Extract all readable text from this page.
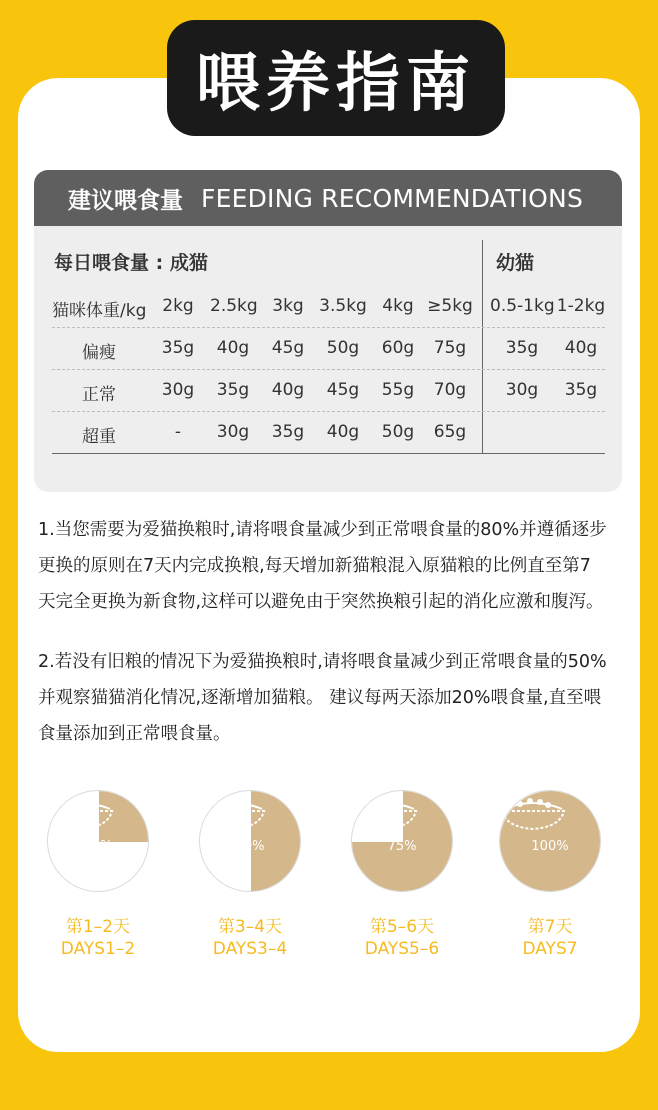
喂养指南
建议喂食量 FEEDING RECOMMENDATIONS
每日喂食量 : 成猫	幼猫
猫咪体重/kg 2kg 2.5kg 3kg 3.5kg 4kg ≥5kg 0.5-1kg 1-2kg
偏瘦	35g	40g	45g	50g	60g	75g	35g	40g
正常	30g	35g	40g	45g	55g	70g	30g	35g
超重	-	30g	35g	40g	50g	65g
1.当您需要为爱猫换粮时,请将喂食量减少到正常喂食量的80%并遵循逐步
更换的原则在7天内完成换粮,每天增加新猫粮混入原猫粮的比例直至第7
天完全更换为新食物,这样可以避免由于突然换粮引起的消化应激和腹泻。
2.若没有旧粮的情况下为爱猫换粮时,请将喂食量减少到正常喂食量的50%
并观察猫猫消化情况,逐渐增加猫粮。 建议每两天添加20%喂食量,直至喂
食量添加到正常喂食量。
25%	50%	75%	100%
第1–2天
DAYS1–2
第3–4天
DAYS3–4
第5–6天
DAYS5–6
第7天
DAYS7
